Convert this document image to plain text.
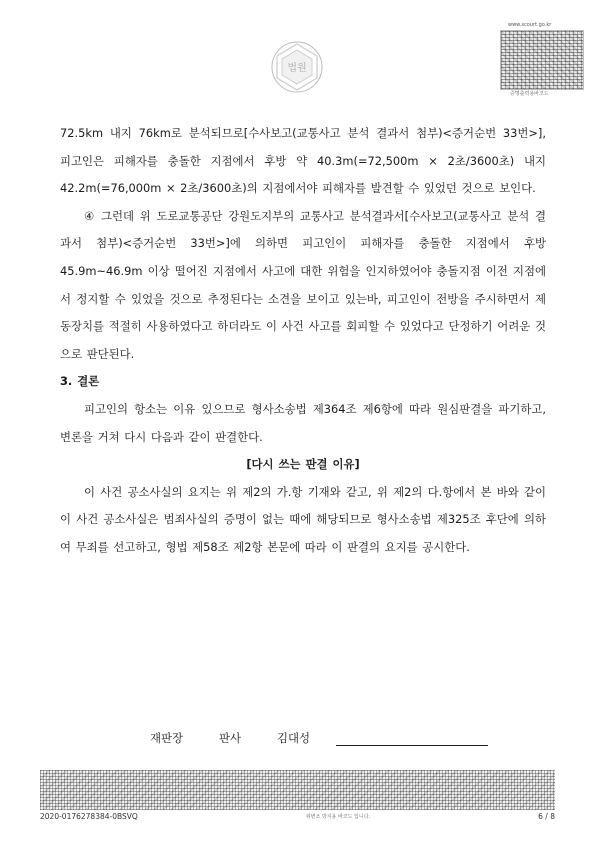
법원
www.scourt.go.kr
증명출력용바코드

72.5km 내지 76km로 분석되므로[수사보고(교통사고 분석 결과서 첨부)<증거순번 33번>], 피고인은 피해자를 충돌한 지점에서 후방 약 40.3m(=72,500m × 2초/3600초) 내지 42.2m(=76,000m × 2초/3600초)의 지점에서야 피해자를 발견할 수 있었던 것으로 보인다.

④ 그런데 위 도로교통공단 강원도지부의 교통사고 분석결과서[수사보고(교통사고 분석 결과서 첨부)<증거순번 33번>]에 의하면 피고인이 피해자를 충돌한 지점에서 후방 45.9m~46.9m 이상 떨어진 지점에서 사고에 대한 위험을 인지하였어야 충돌지점 이전 지점에서 정지할 수 있었을 것으로 추정된다는 소견을 보이고 있는바, 피고인이 전방을 주시하면서 제동장치를 적절히 사용하였다고 하더라도 이 사건 사고를 회피할 수 있었다고 단정하기 어려운 것으로 판단된다.

3. 결론

피고인의 항소는 이유 있으므로 형사소송법 제364조 제6항에 따라 원심판결을 파기하고, 변론을 거쳐 다시 다음과 같이 판결한다.

[다시 쓰는 판결 이유]

이 사건 공소사실의 요지는 위 제2의 가.항 기재와 같고, 위 제2의 다.항에서 본 바와 같이 이 사건 공소사실은 범죄사실의 증명이 없는 때에 해당되므로 형사소송법 제325조 후단에 의하여 무죄를 선고하고, 형법 제58조 제2항 본문에 따라 이 판결의 요지를 공시한다.

재판장	판사	김대성
2020-0176278384-0BSVQ	위변조 방지용 바코드 입니다.	6 / 8
